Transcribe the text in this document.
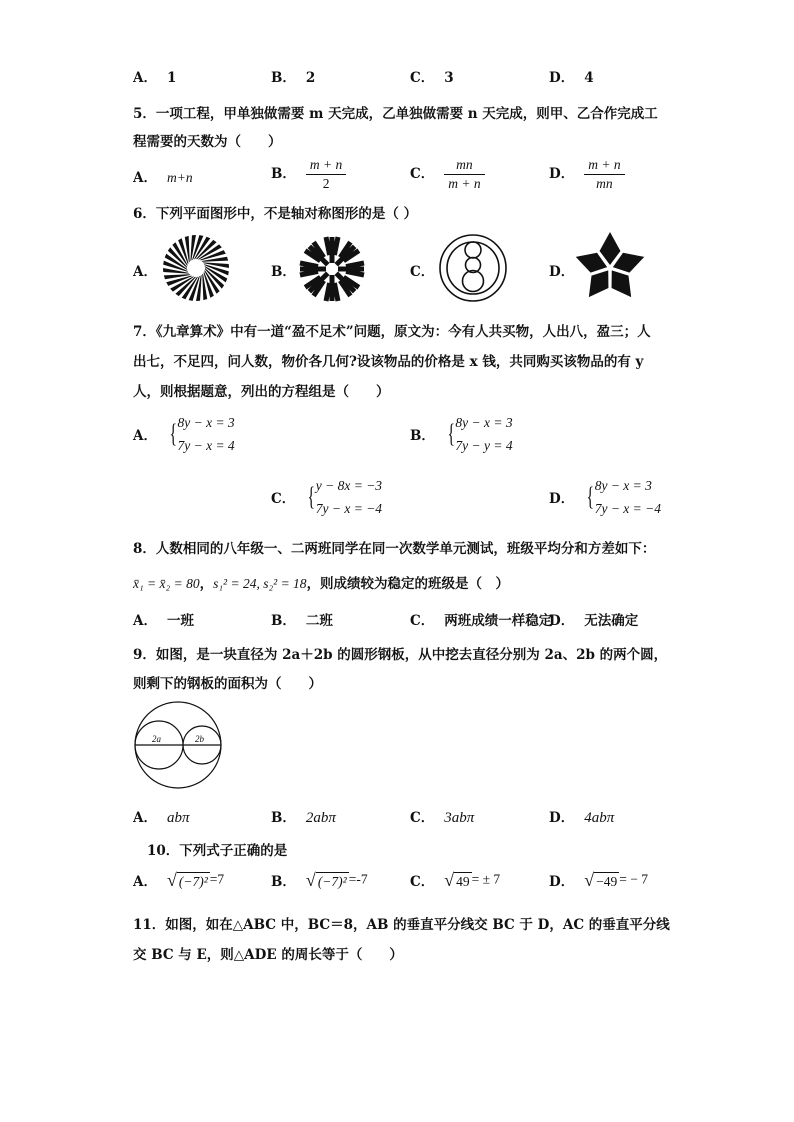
A． 1	B． 2	C． 3	D． 4
5．一项工程，甲单独做需要 m 天完成，乙单独做需要 n 天完成，则甲、乙合作完成工
程需要的天数为（　　）
A． m+n	B． $\frac{m + n}{2}$	C． $\frac{mn}{m + n}$	D． $\frac{m + n}{mn}$
6．下列平面图形中，不是轴对称图形的是（ ）
A．	B．	C．	D．
7．《九章算术》中有一道“盈不足术”问题，原文为：今有人共买物，人出八，盈三；人
出七，不足四，问人数，物价各几何?设该物品的价格是 x 钱，共同购买该物品的有 y
人，则根据题意，列出的方程组是（　　）
A． { 8y − x = 3
7y − x = 4
B． { 8y − x = 3
7y − y = 4
C． { y − 8x = −3
7y − x = −4
D． { 8y − x = 3
7y − x = −4
8．人数相同的八年级一、二两班同学在同一次数学单元测试，班级平均分和方差如下：
x̄₁ = x̄₂ = 80，s₁² = 24, s₂² = 18，则成绩较为稳定的班级是（　）
A． 一班	B． 二班	C． 两班成绩一样稳定
D． 无法确定
9．如图，是一块直径为 2a＋2b 的圆形钢板，从中挖去直径分别为 2a、2b 的两个圆，
则剩下的钢板的面积为（　　）
2a	2b
A． abπ	B． 2abπ	C． 3abπ	D． 4abπ
10．下列式子正确的是
A． √ (−7)² =7	B． √ (−7)² =-7	C． √ 49 = ± 7	D． √ −49 = − 7
11．如图，如在△ABC 中，BC＝8，AB 的垂直平分线交 BC 于 D，AC 的垂直平分线
交 BC 与 E，则△ADE 的周长等于（　　）
